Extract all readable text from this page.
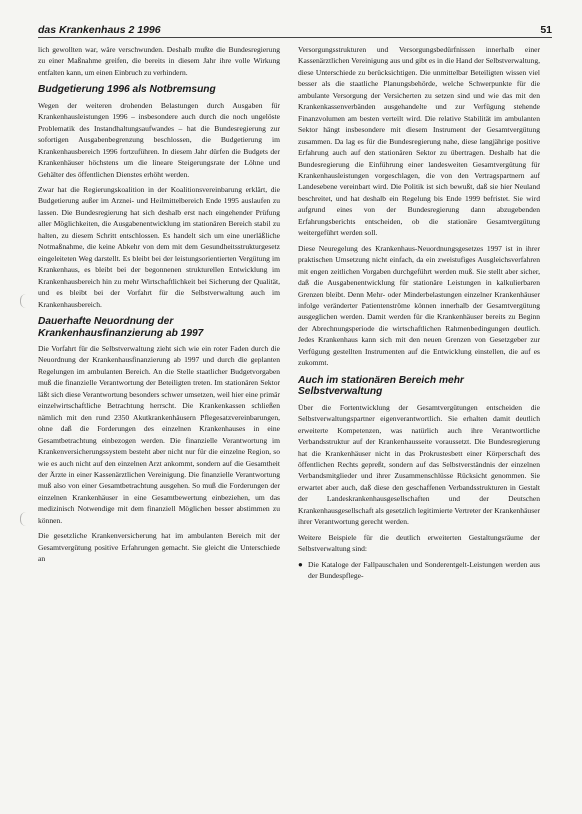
das Krankenhaus 2 1996	51

lich gewollten war, wäre verschwunden. Deshalb mußte die Bundesregierung zu einer Maßnahme greifen, die bereits in diesem Jahr ihre volle Wirkung entfalten kann, um einen Einbruch zu verhindern.

Budgetierung 1996 als Notbremsung

Wegen der weiteren drohenden Belastungen durch Ausgaben für Krankenhausleistungen 1996 – insbesondere auch durch die noch ungelöste Problematik des Instandhaltungsaufwandes – hat die Bundesregierung zur sofortigen Ausgabenbegrenzung beschlossen, die Budgetierung im Krankenhausbereich 1996 fortzuführen. In diesem Jahr dürfen die Budgets der Krankenhäuser höchstens um die lineare Steigerungsrate der Löhne und Gehälter des öffentlichen Dienstes erhöht werden.

Zwar hat die Regierungskoalition in der Koalitionsvereinbarung erklärt, die Budgetierung außer im Arznei- und Heilmittelbereich Ende 1995 auslaufen zu lassen. Die Bundesregierung hat sich deshalb erst nach eingehender Prüfung aller Möglichkeiten, die Ausgabenentwicklung im stationären Bereich stabil zu halten, zu diesem Schritt entschlossen. Es handelt sich um eine unerläßliche Notmaßnahme, die keine Abkehr von dem mit dem Gesundheitsstrukturgesetz eingeleiteten Weg darstellt. Es bleibt bei der leistungsorientierten Vergütung im Krankenhaus, es bleibt bei der begonnenen strukturellen Entwicklung im Krankenhausbereich hin zu mehr Wirtschaftlichkeit bei Sicherung der Qualität, und es bleibt bei der Vorfahrt für die Selbstverwaltung auch im Krankenhausbereich.

Dauerhafte Neuordnung der Krankenhausfinanzierung ab 1997

Die Vorfahrt für die Selbstverwaltung zieht sich wie ein roter Faden durch die Neuordnung der Krankenhausfinanzierung ab 1997 und durch die geplanten Regelungen im ambulanten Bereich. An die Stelle staatlicher Budgetvorgaben muß die finanzielle Verantwortung der Beteiligten treten. Im stationären Sektor läßt sich diese Verantwortung besonders schwer umsetzen, weil hier eine primär einzelwirtschaftliche Betrachtung herrscht. Die Krankenkassen schließen nämlich mit den rund 2350 Akutkrankenhäusern Pflegesatzvereinbarungen, ohne daß die Forderungen des einzelnen Krankenhauses in eine Gesamtbetrachtung einbezogen werden. Die finanzielle Verantwortung im Krankenversicherungssystem besteht aber nicht nur für die einzelne Region, so wie es auch nicht auf den einzelnen Arzt ankommt, sondern auf die Gesamtheit der Ärzte in einer Kassenärztlichen Vereinigung. Die finanzielle Verantwortung muß also von einer Gesamtbetrachtung ausgehen. So muß die Forderungen der einzelnen Krankenhäuser in eine Gesamtbewertung einbeziehen, um das medizinisch Notwendige mit dem finanziell Möglichen besser abstimmen zu können.

Die gesetzliche Krankenversicherung hat im ambulanten Bereich mit der Gesamtvergütung positive Erfahrungen gemacht. Sie gleicht die Unterschiede an

Versorgungsstrukturen und Versorgungsbedürfnissen innerhalb einer Kassenärztlichen Vereinigung aus und gibt es in die Hand der Selbstverwaltung, diese Unterschiede zu berücksichtigen. Die unmittelbar Beteiligten wissen viel besser als die staatliche Planungsbehörde, welche Schwerpunkte für die ambulante Versorgung der Versicherten zu setzen sind und wie das mit den Krankenkassenverbänden ausgehandelte und zur Verfügung stehende Finanzvolumen am besten verteilt wird. Die relative Stabilität im ambulanten Sektor hängt insbesondere mit diesem Instrument der Gesamtvergütung zusammen. Da lag es für die Bundesregierung nahe, diese langjährige positive Erfahrung auch auf den stationären Sektor zu übertragen. Deshalb hat die Bundesregierung die Einführung einer landesweiten Gesamtvergütung für Krankenhausleistungen vorgeschlagen, die von den Vertragspartnern auf Landesebene vereinbart wird. Die Politik ist sich bewußt, daß sie hier Neuland beschreitet, und hat deshalb ein Regelung bis Ende 1999 befristet. Sie wird aufgrund eines von der Bundesregierung dann abzugebenden Erfahrungsberichts entscheiden, ob die stationäre Gesamtvergütung weitergeführt werden soll.

Diese Neuregelung des Krankenhaus-Neuordnungsgesetzes 1997 ist in ihrer praktischen Umsetzung nicht einfach, da ein zweistufiges Ausgleichsverfahren mit engen zeitlichen Vorgaben durchgeführt werden muß. Sie stellt aber sicher, daß die Ausgabenentwicklung für stationäre Leistungen in kalkulierbaren Grenzen bleibt. Denn Mehr- oder Minderbelastungen einzelner Krankenhäuser infolge veränderter Patientenströme können innerhalb der Gesamtvergütung ausgeglichen werden. Damit werden für die Krankenhäuser bereits zu Beginn der Abrechnungsperiode die wirtschaftlichen Rahmenbedingungen deutlich. Jedes Krankenhaus kann sich mit den neuen Grenzen von Gesetzgeber zur Verfügung gestellten Instrumenten auf die Entwicklung einstellen, die auf es zukommt.

Auch im stationären Bereich mehr Selbstverwaltung

Über die Fortentwicklung der Gesamtvergütungen entscheiden die Selbstverwaltungspartner eigenverantwortlich. Sie erhalten damit deutlich erweiterte Kompetenzen, was natürlich auch ihre Verantwortliche Verbandsstruktur auf der Krankenhausseite voraussetzt. Die Bundesregierung hat die Krankenhäuser nicht in das Prokrustesbett einer Körperschaft des öffentlichen Rechts gepreßt, sondern auf das Selbstverständnis der einzelnen Verbandsmitglieder und ihrer Zusammenschlüsse Rücksicht genommen. Sie erwartet aber auch, daß diese den geschaffenen Verbandsstrukturen in Gestalt der Landeskrankenhausgesellschaften und der Deutschen Krankenhausgesellschaft als gesetzlich legitimierte Vertreter der Krankenhäuser ihrer Verantwortung gerecht werden.

Weitere Beispiele für die deutlich erweiterten Gestaltungsräume der Selbstverwaltung sind:

● Die Kataloge der Fallpauschalen und Sonderentgelt-Leistungen werden aus der Bundespflege-
